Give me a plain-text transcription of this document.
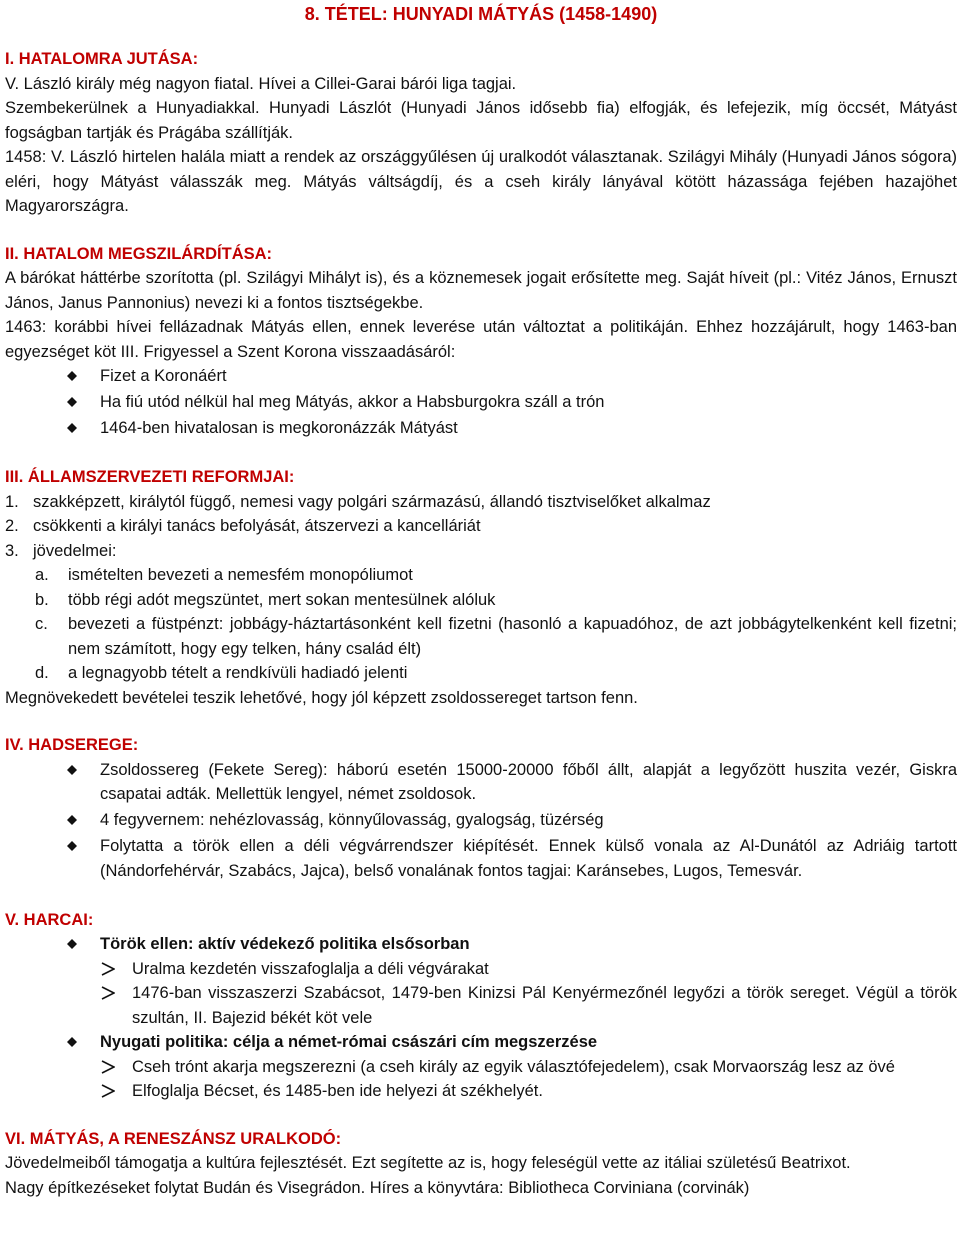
8. TÉTEL: HUNYADI MÁTYÁS (1458-1490)
I. HATALOMRA JUTÁSA:

V. László király még nagyon fiatal. Hívei a Cillei-Garai bárói liga tagjai.

Szembekerülnek a Hunyadiakkal. Hunyadi Lászlót (Hunyadi János idősebb fia) elfogják, és lefejezik, míg öccsét, Mátyást fogságban tartják és Prágába szállítják.

1458: V. László hirtelen halála miatt a rendek az országgyűlésen új uralkodót választanak. Szilágyi Mihály (Hunyadi János sógora) eléri, hogy Mátyást válasszák meg. Mátyás váltságdíj, és a cseh király lányával kötött házassága fejében hazajöhet Magyarországra.

II. HATALOM MEGSZILÁRDÍTÁSA:

A bárókat háttérbe szorította (pl. Szilágyi Mihályt is), és a köznemesek jogait erősítette meg. Saját híveit (pl.: Vitéz János, Ernuszt János, Janus Pannonius) nevezi ki a fontos tisztségekbe.

1463: korábbi hívei fellázadnak Mátyás ellen, ennek leverése után változtat a politikáján. Ehhez hozzájárult, hogy 1463-ban egyezséget köt III. Frigyessel a Szent Korona visszaadásáról:

Fizet a Koronáért
Ha fiú utód nélkül hal meg Mátyás, akkor a Habsburgokra száll a trón
1464-ben hivatalosan is megkoronázzák Mátyást
III. ÁLLAMSZERVEZETI REFORMJAI:
1. szakképzett, királytól függő, nemesi vagy polgári származású, állandó tisztviselőket alkalmaz
2. csökkenti a királyi tanács befolyását, átszervezi a kancelláriát
3. jövedelmei:
a. ismételten bevezeti a nemesfém monopóliumot
b. több régi adót megszüntet, mert sokan mentesülnek alóluk
c. bevezeti a füstpénzt: jobbágy-háztartásonként kell fizetni (hasonló a kapuadóhoz, de azt jobbágytelkenként kell fizetni; nem számított, hogy egy telken, hány család élt)
d. a legnagyobb tételt a rendkívüli hadiadó jelenti

Megnövekedett bevételei teszik lehetővé, hogy jól képzett zsoldossereget tartson fenn.

IV. HADSEREGE:
Zsoldossereg (Fekete Sereg): háború esetén 15000-20000 főből állt, alapját a legyőzött huszita vezér, Giskra csapatai adták. Mellettük lengyel, német zsoldosok.
4 fegyvernem: nehézlovasság, könnyűlovasság, gyalogság, tüzérség
Folytatta a török ellen a déli végvárrendszer kiépítését. Ennek külső vonala az Al-Dunától az Adriáig tartott (Nándorfehérvár, Szabács, Jajca), belső vonalának fontos tagjai: Karánsebes, Lugos, Temesvár.
V. HARCAI:
Török ellen: aktív védekező politika elsősorban
Uralma kezdetén visszafoglalja a déli végvárakat
1476-ban visszaszerzi Szabácsot, 1479-ben Kinizsi Pál Kenyérmezőnél legyőzi a török sereget. Végül a török szultán, II. Bajezid békét köt vele
Nyugati politika: célja a német-római császári cím megszerzése
Cseh trónt akarja megszerezni (a cseh király az egyik választófejedelem), csak Morvaország lesz az övé
Elfoglalja Bécset, és 1485-ben ide helyezi át székhelyét.
VI. MÁTYÁS, A RENESZÁNSZ URALKODÓ:

Jövedelmeiből támogatja a kultúra fejlesztését. Ezt segítette az is, hogy feleségül vette az itáliai születésű Beatrixot.

Nagy építkezéseket folytat Budán és Visegrádon. Híres a könyvtára: Bibliotheca Corviniana (corvinák)
